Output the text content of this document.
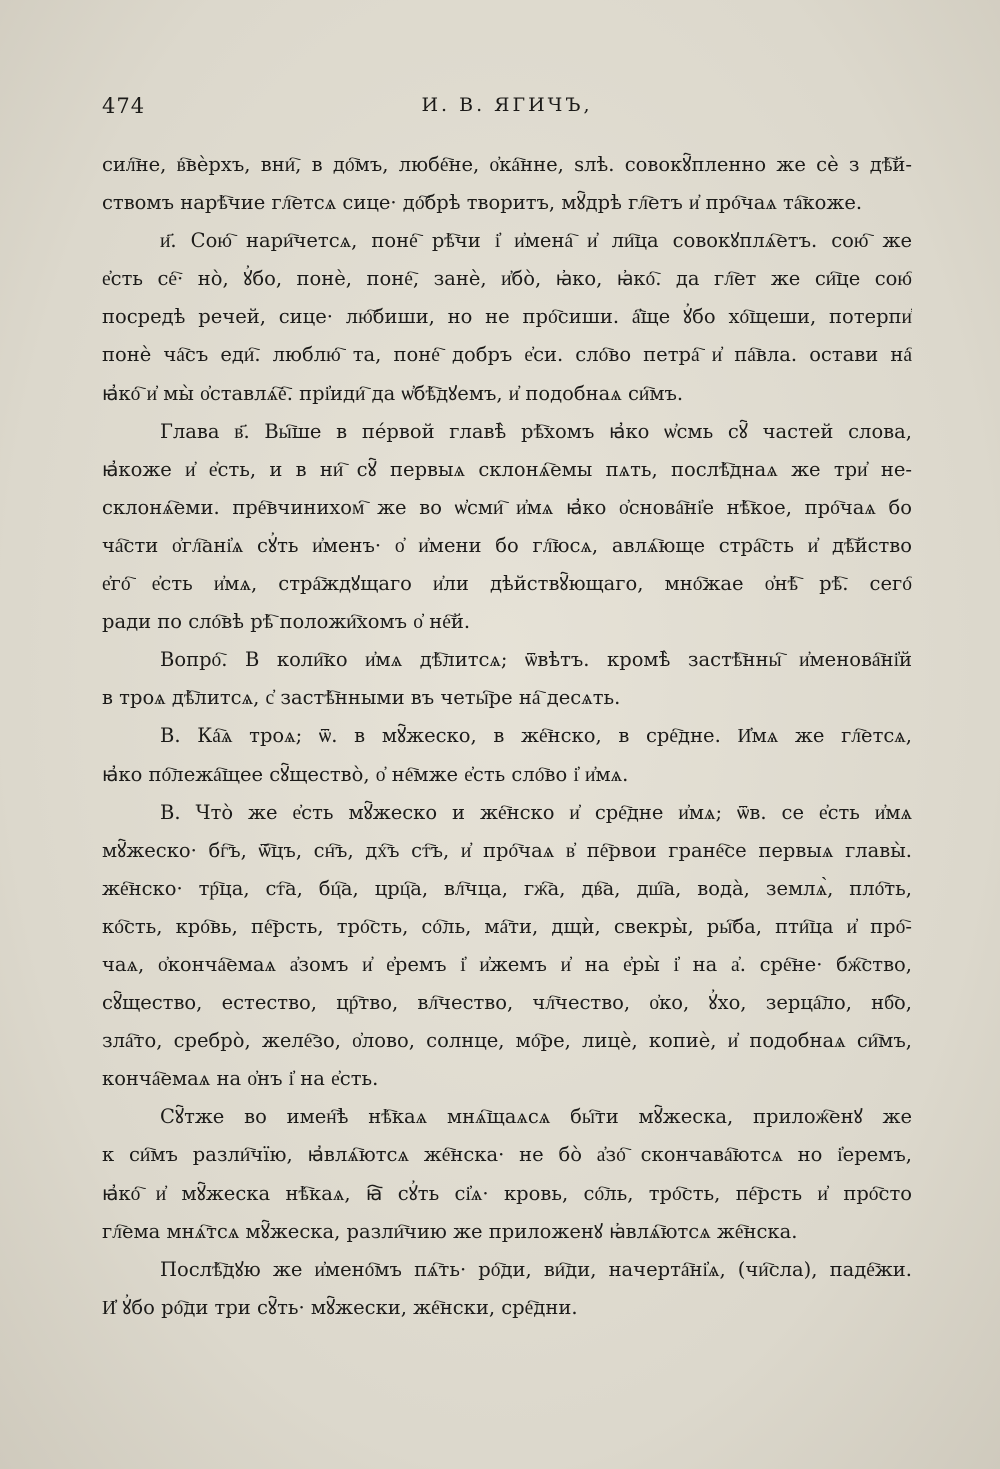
474	И. В. ЯГИЧЪ,
сил҇не, в҇вѐрхъ, вни҇, в до҇мъ, любе҇не, о҆ка҇нне, ѕлѣ. совокꙋ҇пленно же сѐ з дѣ҇й-
ствомъ нарѣ҇чие гл҇етсѧ сице· до҇брѣ творитъ, мꙋ҇дрѣ гл҇етъ и҆ про҇чаѧ та҇коже.
и҃. Сою҇ нари҇четсѧ, поне҇ рѣ҇чи і҆ и҆мена҇ и҆ ли҇ца совокꙋплѧ҇етъ. сою҇ же
е҆сть се҇· но̀, ꙋ҆бо, понѐ, поне҇, занѐ, и҆бо̀, ꙗ҆ко, ꙗ҆ко҇. да гл҇ет же си҇це сою҇
посредѣ речей, сице· лю҇биши, но не про҇сиши. а҆҇ще ꙋ҆бо хо҇щеши, потерпи҆
понѐ ча҇съ еди҇. люблю҇ та, поне҇ добръ е҆си. сло҇во петра҇ и҆ па҇вла. остави на҇
ꙗ҆ко҇ и҆ мы̀ о҆ставлѧ҇е҇. прі҆иди҇ да ѡ҆бѣ҇дꙋемъ, и҆ подобнаѧ си҇мъ.
Глава в҃. Вы҇ше в пе́рвой главѣ̀ рѣ҇хомъ ꙗ҆ко ѡ҆смь сꙋ҇ частей слова,
ꙗ҆коже и҆ е҆сть, и в ни҇ сꙋ҇ первыѧ склонѧ҇емы пѧть, послѣ҇днаѧ же три҆ не-
склонѧ҇еми. пре҇вчинихом҇ же во ѡ҆сми҇ и҆мѧ ꙗ҆ко о҆снова҇ні҆е нѣ҇кое, про҇чаѧ бо
ча҇сти о҆гл҇ані҆ѧ сꙋ҆ть и҆менъ· о҆ и҆мени бо гл҇юсѧ, авлѧ҇юще стра҇сть и҆ дѣ҇йство
е҆го҇ е҆сть и҆мѧ, стра҇ждꙋщаго и҆ли дѣйствꙋ҇ющаго, мно҇жае о҆нѣ҇ рѣ҇. сего҇
ради по сло҇вѣ рѣ҇ положи҇хомъ о҆ не҇й.
Вопро҇. В коли҇ко и҆мѧ дѣ҇литсѧ; ѿвѣтъ. кромѣ̀ застѣ҇нны҇ и҆менова҇ні҆й
в троѧ дѣ҇литсѧ, с҆ застѣ҇нными въ четы҇ре на҇ десѧть.
В. Ка҇ѧ троѧ; ѿ. в мꙋ҇жеско, в же҇нско, в сре҇дне. И҆мѧ же гл҇етсѧ,
ꙗ҆ко по҇лежа҇щее сꙋ҇щество̀, о҆ не҇мже е҆сть сло҇во і҆ и҆мѧ.
В. Что̀ же е҆сть мꙋ҇жеско и же҇нско и҆ сре҇дне и҆мѧ; ѿв. се е҆сть и҆мѧ
мꙋ҇жеско· бг҇ъ, ѿ҇цъ, сн҇ъ, дх҇ъ ст҇ъ, и҆ про҇чаѧ в҆ пе҇рвои гране҇се первыѧ главы̀.
же҇нско· тр҇ца, ст҇а, бц҇а, црц҇а, вл҇чца, гж҇а, дв҇а, дш҇а, вода̀, землѧ̀, пло҇ть,
ко҇сть, кро҇вь, пе҇рсть, тро҇сть, со҇ль, ма҇ти, дщѝ, свекры̀, ры҇ба, пти҇ца и҆ про҇-
чаѧ, о҆конча҇емаѧ а҆зомъ и҆ е҆ремъ і҆ и҆жемъ и҆ на е҆ры̀ і҆ на а҆. сре҇не· бж҇ство,
сꙋ҇щество, естество, цр҇тво, вл҇чество, чл҇чество, о҆ко, ꙋ҆хо, зерца҇ло, нб҇о,
зла҇то, сребро̀, желе҇зо, о҆лово, солнце, мо҇ре, лицѐ, копиѐ, и҆ подобнаѧ си҇мъ,
конча҇емаѧ на о҆нъ і҆ на е҆сть.
Сꙋ҇тже во имен҇ѣ нѣ҇каѧ мнѧ҇щаѧсѧ бы҇ти мꙋ҇жеска, прилож҇енꙋ же
к си҇мъ разли҇чїю, ꙗ҆влѧ҇ютсѧ же҇нска· не бо̀ а҆зо҇ скончава҇ютсѧ но і҆еремъ,
ꙗ҆ко҇ и҆ мꙋ҇жеска нѣ҇каѧ, ꙗ҇ сꙋ҆ть сі҆ѧ· кровь, со҇ль, тро҇сть, пе҇рсть и҆ про҇сто
гл҇ема мнѧ҇тсѧ мꙋ҇жеска, разли҇чию же приложенꙋ ꙗ҆влѧ҇ютсѧ же҇нска.
Послѣ҇дꙋю же и҆мено҇мъ пѧ҇ть· ро҇ди, ви҇ди, начерта҇ні҆ѧ, (чи҇сла), паде҇жи.
И҆ ꙋ҆бо ро҇ди три сꙋ҇ть· мꙋ҇жески, же҇нски, сре҇дни.
